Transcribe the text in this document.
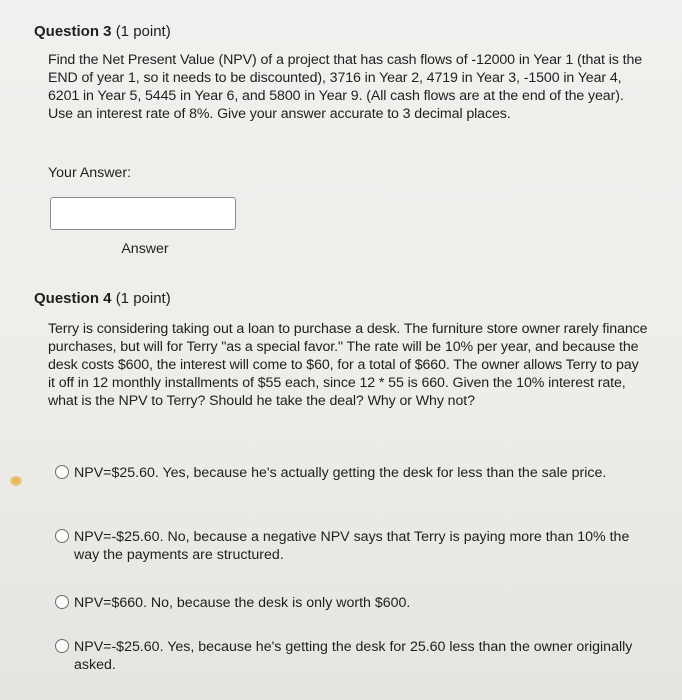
Question 3 (1 point)
Find the Net Present Value (NPV) of a project that has cash flows of -12000 in Year 1 (that is the END of year 1, so it needs to be discounted), 3716 in Year 2, 4719 in Year 3, -1500 in Year 4, 6201 in Year 5, 5445 in Year 6, and 5800 in Year 9. (All cash flows are at the end of the year). Use an interest rate of 8%. Give your answer accurate to 3 decimal places.
Your Answer:
Answer
Question 4 (1 point)
Terry is considering taking out a loan to purchase a desk. The furniture store owner rarely finance purchases, but will for Terry "as a special favor." The rate will be 10% per year, and because the desk costs $600, the interest will come to $60, for a total of $660. The owner allows Terry to pay it off in 12 monthly installments of $55 each, since 12 * 55 is 660. Given the 10% interest rate, what is the NPV to Terry? Should he take the deal? Why or Why not?
NPV=$25.60. Yes, because he's actually getting the desk for less than the sale price.
NPV=-$25.60. No, because a negative NPV says that Terry is paying more than 10% the way the payments are structured.
NPV=$660. No, because the desk is only worth $600.
NPV=-$25.60. Yes, because he's getting the desk for 25.60 less than the owner originally asked.
